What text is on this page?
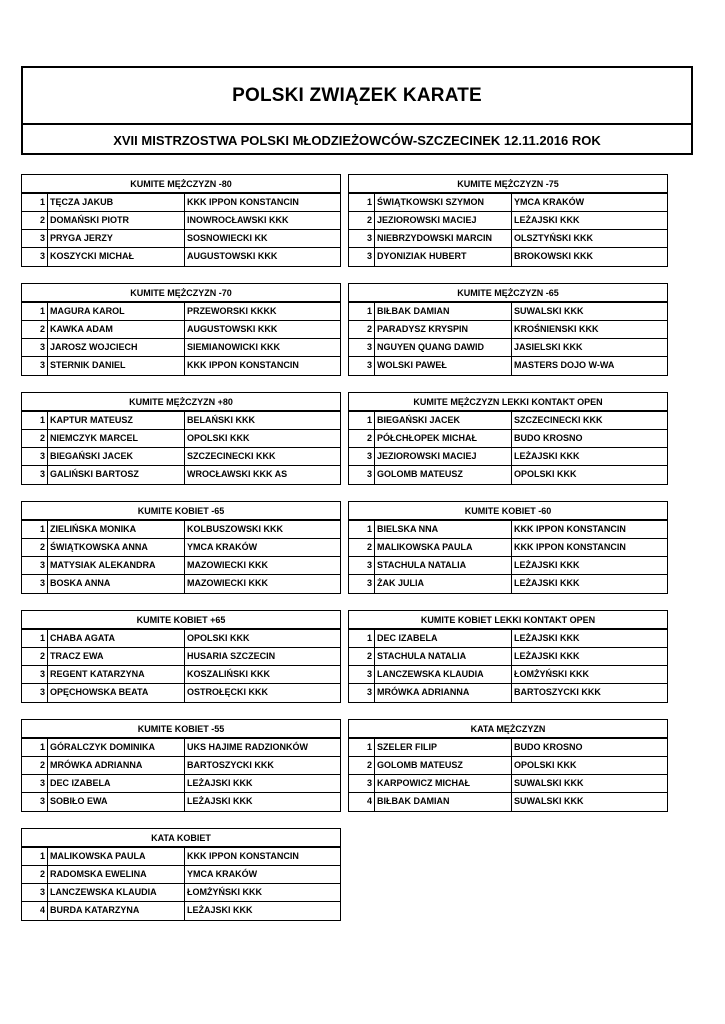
POLSKI ZWIĄZEK KARATE
XVII MISTRZOSTWA POLSKI MŁODZIEŻOWCÓW-SZCZECINEK 12.11.2016 ROK
KUMITE MĘŻCZYZN -80
1 TĘCZA JAKUB	KKK IPPON KONSTANCIN
2 DOMAŃSKI PIOTR	INOWROCŁAWSKI KKK
3 PRYGA JERZY	SOSNOWIECKI KK
3 KOSZYCKI MICHAŁ	AUGUSTOWSKI KKK
KUMITE MĘŻCZYZN -75
1 ŚWIĄTKOWSKI SZYMON	YMCA KRAKÓW
2 JEZIOROWSKI MACIEJ	LEŻAJSKI KKK
3 NIEBRZYDOWSKI MARCIN	OLSZTYŃSKI KKK
3 DYONIZIAK HUBERT	BROKOWSKI KKK
KUMITE MĘŻCZYZN -70
1 MAGURA KAROL	PRZEWORSKI KKKK
2 KAWKA ADAM	AUGUSTOWSKI KKK
3 JAROSZ WOJCIECH	SIEMIANOWICKI KKK
3 STERNIK DANIEL	KKK IPPON KONSTANCIN
KUMITE MĘŻCZYZN -65
1 BIŁBAK DAMIAN	SUWALSKI KKK
2 PARADYSZ KRYSPIN	KROŚNIENSKI KKK
3 NGUYEN QUANG DAWID	JASIELSKI KKK
3 WOLSKI PAWEŁ	MASTERS DOJO W-WA
KUMITE MĘŻCZYZN +80
1 KAPTUR MATEUSZ	BELAŃSKI KKK
2 NIEMCZYK MARCEL	OPOLSKI KKK
3 BIEGAŃSKI JACEK	SZCZECINECKI KKK
3 GALIŃSKI BARTOSZ	WROCŁAWSKI KKK AS
KUMITE MĘŻCZYZN LEKKI KONTAKT OPEN
1 BIEGAŃSKI JACEK	SZCZECINECKI KKK
2 PÓŁCHŁOPEK MICHAŁ	BUDO KROSNO
3 JEZIOROWSKI MACIEJ	LEŻAJSKI KKK
3 GOLOMB MATEUSZ	OPOLSKI KKK
KUMITE KOBIET -65
1 ZIELIŃSKA MONIKA	KOLBUSZOWSKI KKK
2 ŚWIĄTKOWSKA ANNA	YMCA KRAKÓW
3 MATYSIAK ALEKANDRA	MAZOWIECKI KKK
3 BOSKA ANNA	MAZOWIECKI KKK
KUMITE KOBIET -60
1 BIELSKA NNA	KKK IPPON KONSTANCIN
2 MALIKOWSKA PAULA	KKK IPPON KONSTANCIN
3 STACHULA NATALIA	LEŻAJSKI KKK
3 ŻAK JULIA	LEŻAJSKI KKK
KUMITE KOBIET +65
1 CHABA AGATA	OPOLSKI KKK
2 TRACZ EWA	HUSARIA SZCZECIN
3 REGENT KATARZYNA	KOSZALIŃSKI KKK
3 OPĘCHOWSKA BEATA	OSTROŁĘCKI KKK
KUMITE KOBIET LEKKI KONTAKT OPEN
1 DEC IZABELA	LEŻAJSKI KKK
2 STACHULA NATALIA	LEŻAJSKI KKK
3 LANCZEWSKA KLAUDIA	ŁOMŻYŃSKI KKK
3 MRÓWKA ADRIANNA	BARTOSZYCKI KKK
KUMITE KOBIET -55
1 GÓRALCZYK DOMINIKA	UKS HAJIME RADZIONKÓW
2 MRÓWKA ADRIANNA	BARTOSZYCKI KKK
3 DEC IZABELA	LEŻAJSKI KKK
3 SOBIŁO EWA	LEŻAJSKI KKK
KATA MĘŻCZYZN
1 SZELER FILIP	BUDO KROSNO
2 GOLOMB MATEUSZ	OPOLSKI KKK
3 KARPOWICZ MICHAŁ	SUWALSKI KKK
4 BIŁBAK DAMIAN	SUWALSKI KKK
KATA KOBIET
1 MALIKOWSKA PAULA	KKK IPPON KONSTANCIN
2 RADOMSKA EWELINA	YMCA KRAKÓW
3 LANCZEWSKA KLAUDIA	ŁOMŻYŃSKI KKK
4 BURDA KATARZYNA	LEŻAJSKI KKK
